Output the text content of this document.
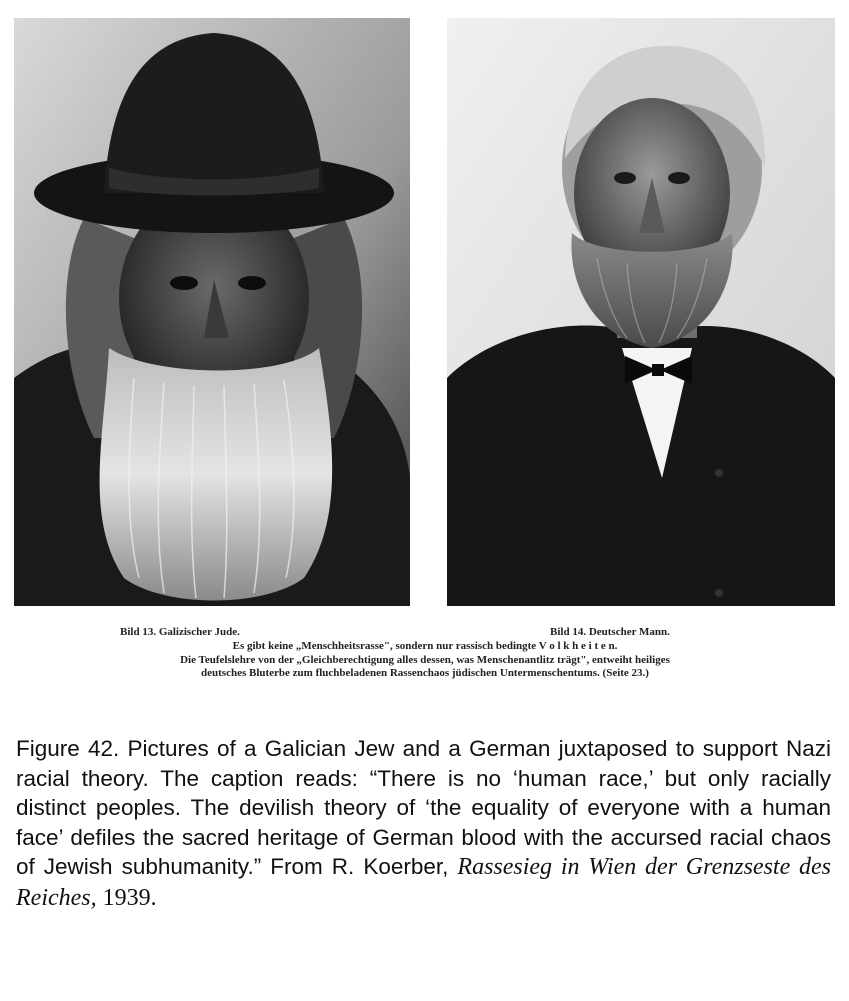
Bild 13. Galizischer Jude.	Bild 14. Deutscher Mann.
Es gibt keine „Menschheitsrasse", sondern nur rassisch bedingte V o l k h e i t e n.
Die Teufelslehre von der „Gleichberechtigung alles dessen, was Menschenantlitz trägt", entweiht heiliges
deutsches Bluterbe zum fluchbeladenen Rassenchaos jüdischen Untermenschentums. (Seite 23.)
Figure 42. Pictures of a Galician Jew and a German juxtaposed to support Nazi racial theory. The caption reads: “There is no ‘human race,’ but only racially distinct peoples. The devilish theory of ‘the equality of everyone with a human face’ defiles the sacred heritage of German blood with the accursed racial chaos of Jewish subhumanity.” From R. Koerber, Rassesieg in Wien der Grenzseste des Reiches, 1939.
